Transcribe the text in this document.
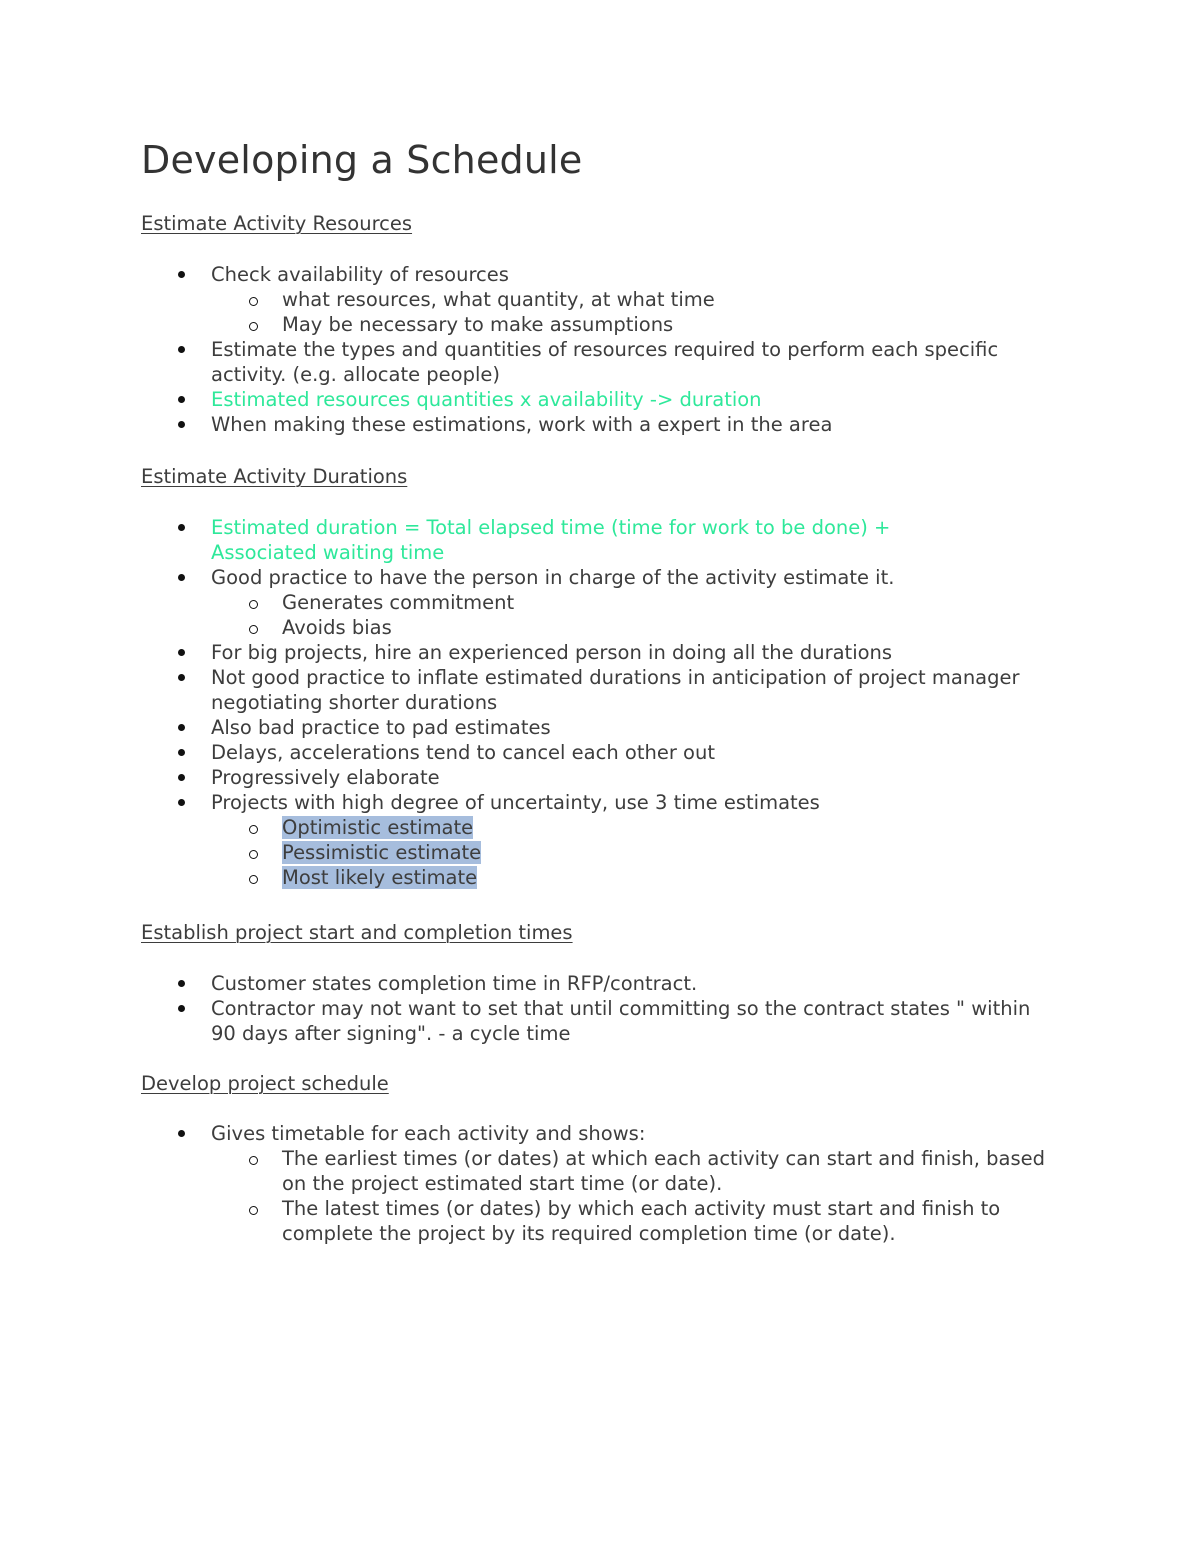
Developing a Schedule
Estimate Activity Resources
Check availability of resources
what resources, what quantity, at what time
May be necessary to make assumptions
Estimate the types and quantities of resources required to perform each specific activity. (e.g. allocate people)
Estimated resources quantities x availability -> duration
When making these estimations, work with a expert in the area
Estimate Activity Durations
Estimated duration = Total elapsed time (time for work to be done) + Associated waiting time
Good practice to have the person in charge of the activity estimate it.
Generates commitment
Avoids bias
For big projects, hire an experienced person in doing all the durations
Not good practice to inflate estimated durations in anticipation of project manager negotiating shorter durations
Also bad practice to pad estimates
Delays, accelerations tend to cancel each other out
Progressively elaborate
Projects with high degree of uncertainty, use 3 time estimates
Optimistic estimate
Pessimistic estimate
Most likely estimate
Establish project start and completion times
Customer states completion time in RFP/contract.
Contractor may not want to set that until committing so the contract states " within 90 days after signing". - a cycle time
Develop project schedule
Gives timetable for each activity and shows:
The earliest times (or dates) at which each activity can start and finish, based on the project estimated start time (or date).
The latest times (or dates) by which each activity must start and finish to complete the project by its required completion time (or date).
